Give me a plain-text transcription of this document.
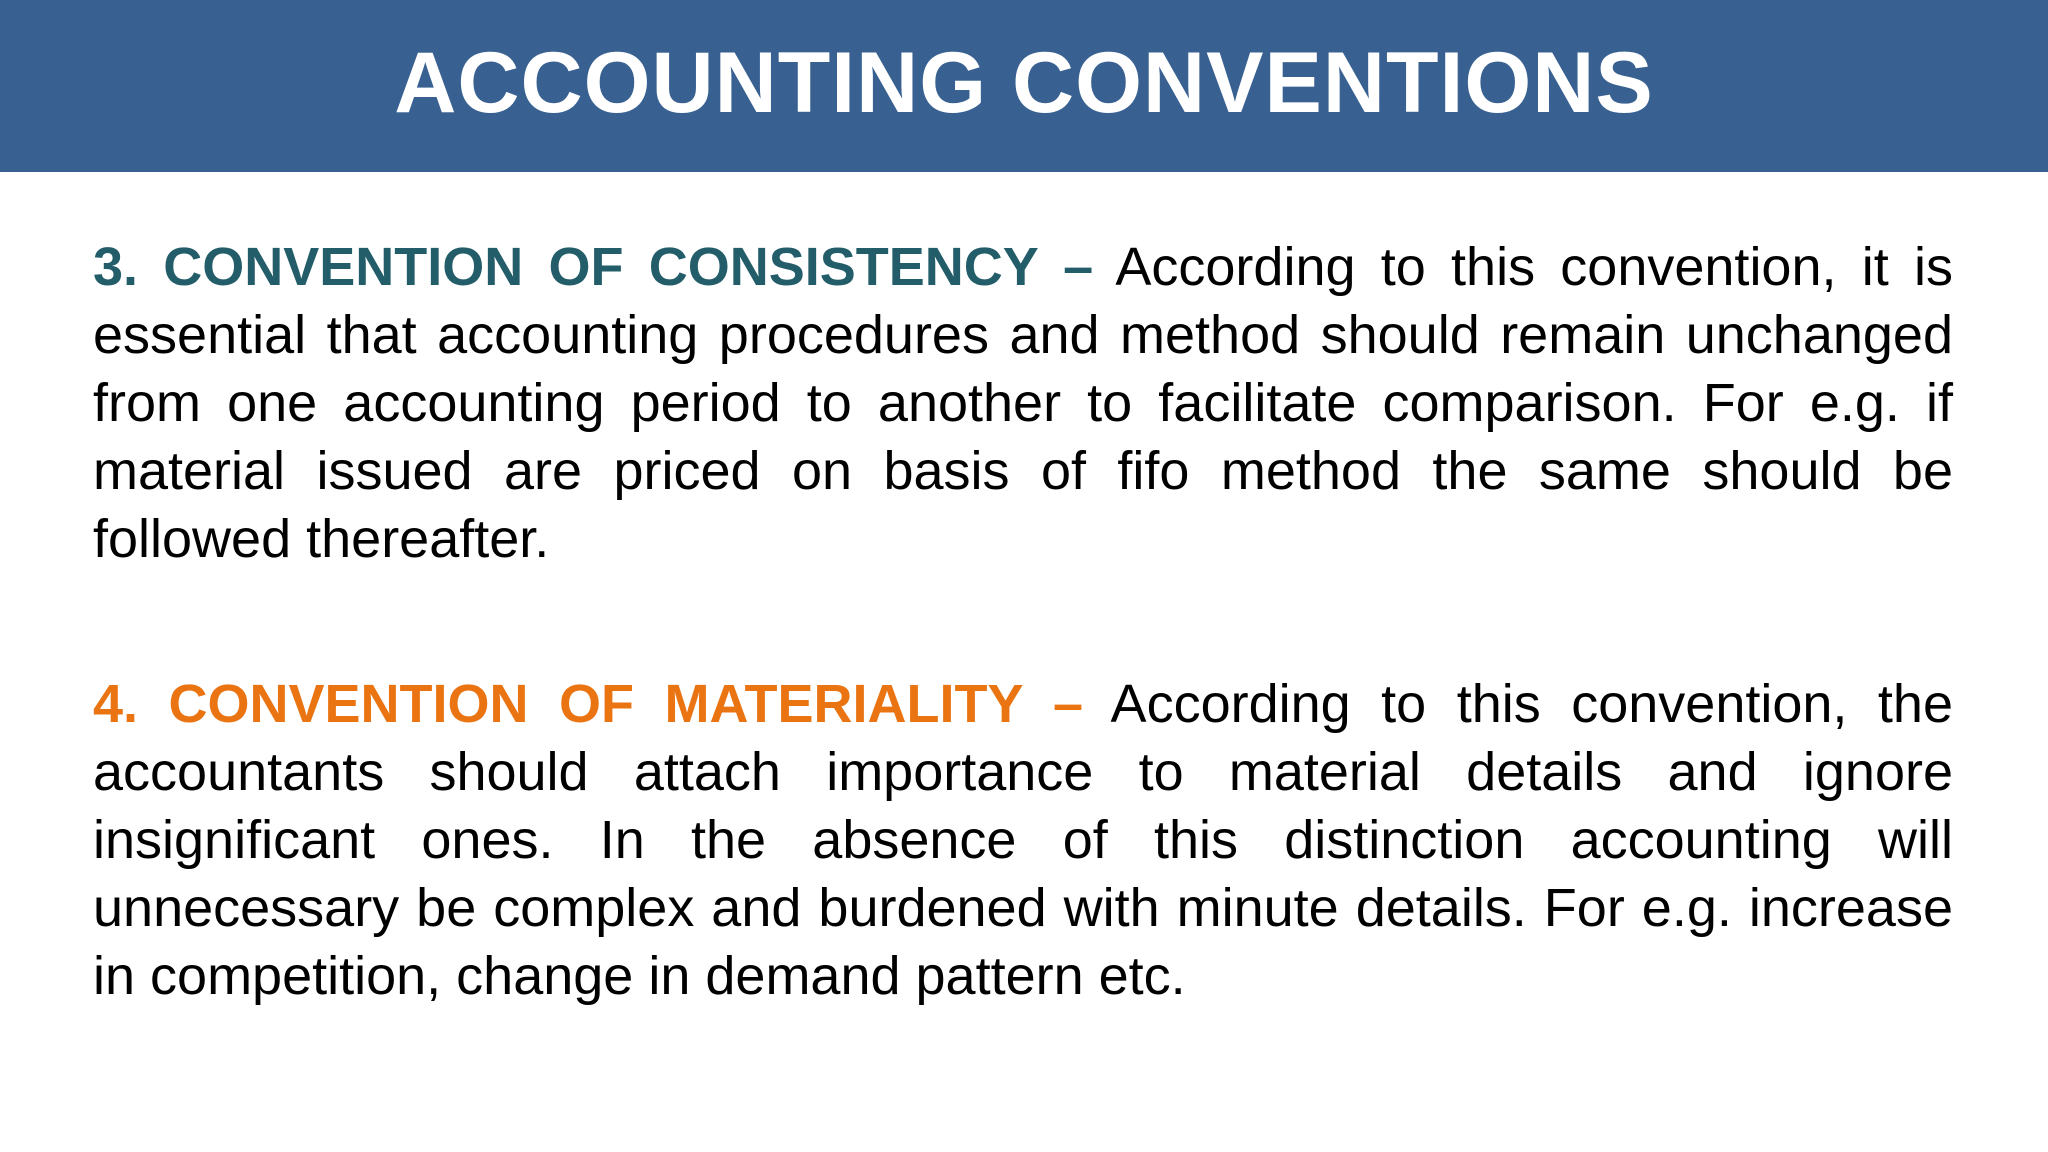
ACCOUNTING CONVENTIONS

3. CONVENTION OF CONSISTENCY – According to this convention, it is essential that accounting procedures and method should remain unchanged from one accounting period to another to facilitate comparison. For e.g. if material issued are priced on basis of fifo method the same should be followed thereafter.

4. CONVENTION OF MATERIALITY – According to this convention, the accountants should attach importance to material details and ignore insignificant ones. In the absence of this distinction accounting will unnecessary be complex and burdened with minute details. For e.g. increase in competition, change in demand pattern etc.
